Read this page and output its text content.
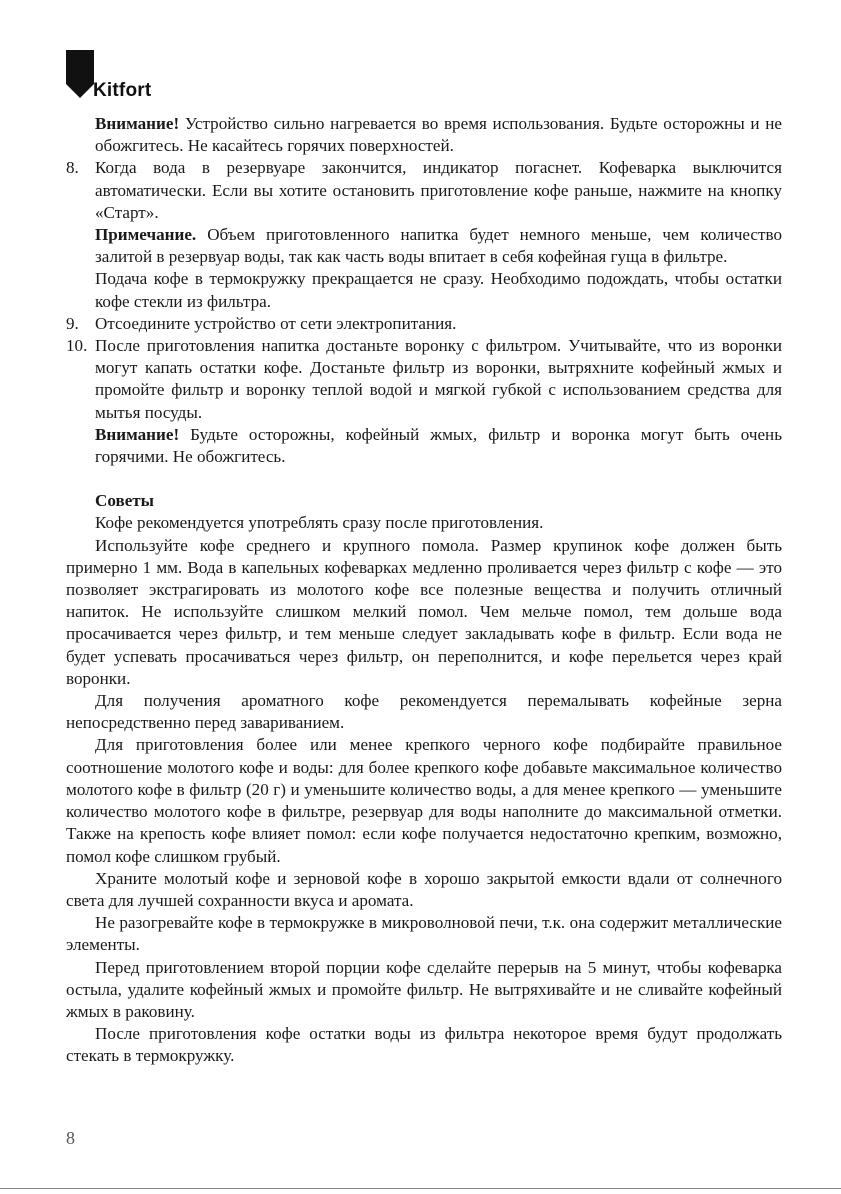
Kitfort

Внимание! Устройство сильно нагревается во время использования. Будьте осторожны и не обожгитесь. Не касайтесь горячих поверхностей.

8. Когда вода в резервуаре закончится, индикатор погаснет. Кофеварка выключится автоматически. Если вы хотите остановить приготовление кофе раньше, нажмите на кнопку «Старт».

Примечание. Объем приготовленного напитка будет немного меньше, чем количество залитой в резервуар воды, так как часть воды впитает в себя кофейная гуща в фильтре.

Подача кофе в термокружку прекращается не сразу. Необходимо подождать, чтобы остатки кофе стекли из фильтра.

9. Отсоедините устройство от сети электропитания.

10. После приготовления напитка достаньте воронку с фильтром. Учитывайте, что из воронки могут капать остатки кофе. Достаньте фильтр из воронки, вытряхните кофейный жмых и промойте фильтр и воронку теплой водой и мягкой губкой с использованием средства для мытья посуды.

Внимание! Будьте осторожны, кофейный жмых, фильтр и воронка могут быть очень горячими. Не обожгитесь.

Советы

Кофе рекомендуется употреблять сразу после приготовления.

Используйте кофе среднего и крупного помола. Размер крупинок кофе должен быть примерно 1 мм. Вода в капельных кофеварках медленно проливается через фильтр с кофе — это позволяет экстрагировать из молотого кофе все полезные вещества и получить отличный напиток. Не используйте слишком мелкий помол. Чем мельче помол, тем дольше вода просачивается через фильтр, и тем меньше следует закладывать кофе в фильтр. Если вода не будет успевать просачиваться через фильтр, он переполнится, и кофе перельется через край воронки.

Для получения ароматного кофе рекомендуется перемалывать кофейные зерна непосредственно перед завариванием.

Для приготовления более или менее крепкого черного кофе подбирайте правильное соотношение молотого кофе и воды: для более крепкого кофе добавьте максимальное количество молотого кофе в фильтр (20 г) и уменьшите количество воды, а для менее крепкого — уменьшите количество молотого кофе в фильтре, резервуар для воды наполните до максимальной отметки. Также на крепость кофе влияет помол: если кофе получается недостаточно крепким, возможно, помол кофе слишком грубый.

Храните молотый кофе и зерновой кофе в хорошо закрытой емкости вдали от солнечного света для лучшей сохранности вкуса и аромата.

Не разогревайте кофе в термокружке в микроволновой печи, т.к. она содержит металлические элементы.

Перед приготовлением второй порции кофе сделайте перерыв на 5 минут, чтобы кофеварка остыла, удалите кофейный жмых и промойте фильтр. Не вытряхивайте и не сливайте кофейный жмых в раковину.

После приготовления кофе остатки воды из фильтра некоторое время будут продолжать стекать в термокружку.

8
